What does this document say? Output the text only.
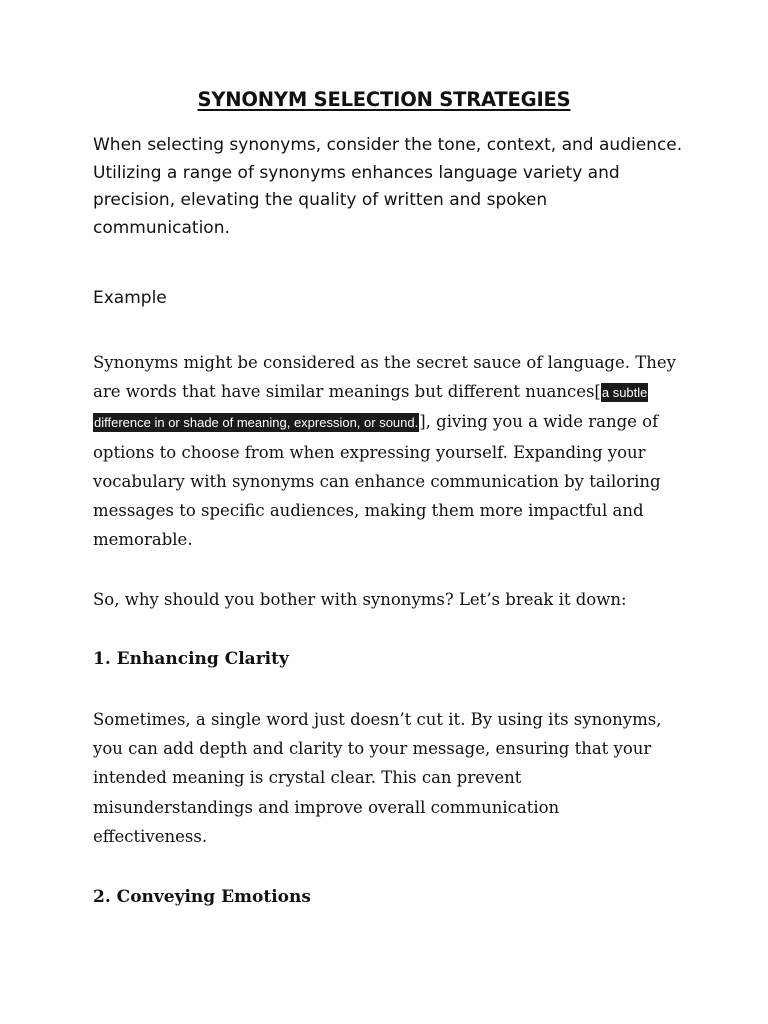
SYNONYM SELECTION STRATEGIES

When selecting synonyms, consider the tone, context, and audience.
Utilizing a range of synonyms enhances language variety and
precision, elevating the quality of written and spoken
communication.

Example

Synonyms might be considered as the secret sauce of language. They
are words that have similar meanings but different nuances[a subtle
difference in or shade of meaning, expression, or sound.], giving you a wide range of
options to choose from when expressing yourself. Expanding your
vocabulary with synonyms can enhance communication by tailoring
messages to specific audiences, making them more impactful and
memorable.

So, why should you bother with synonyms? Let’s break it down:

1. Enhancing Clarity

Sometimes, a single word just doesn’t cut it. By using its synonyms,
you can add depth and clarity to your message, ensuring that your
intended meaning is crystal clear. This can prevent
misunderstandings and improve overall communication
effectiveness.

2. Conveying Emotions
